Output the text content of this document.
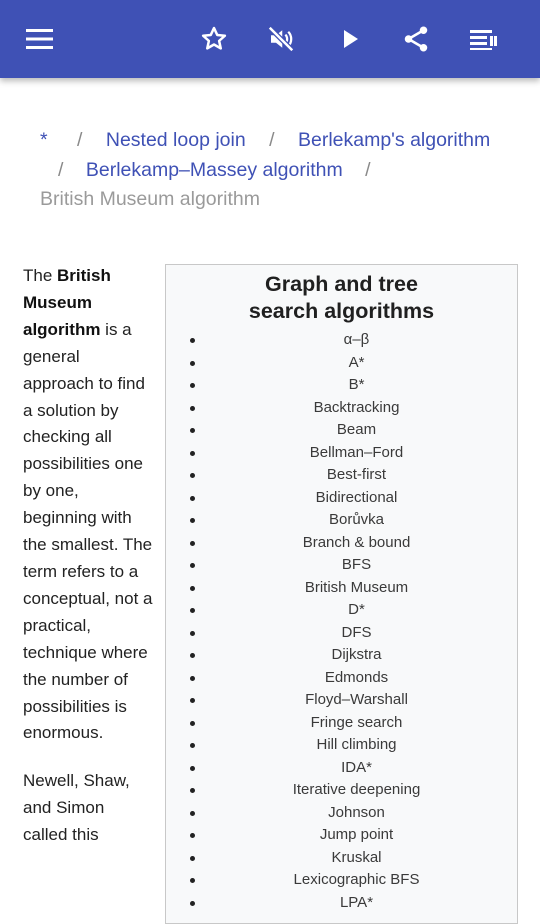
* / Nested loop join / Berlekamp's algorithm
/ Berlekamp–Massey algorithm /
British Museum algorithm

The British Museum algorithm is a general approach to find a solution by checking all possibilities one by one, beginning with the smallest. The term refers to a conceptual, not a practical, technique where the number of possibilities is enormous.

Newell, Shaw, and Simon called this

Graph and tree
search algorithms
α–β
A*
B*
Backtracking
Beam
Bellman–Ford
Best-first
Bidirectional
Borůvka
Branch & bound
BFS
British Museum
D*
DFS
Dijkstra
Edmonds
Floyd–Warshall
Fringe search
Hill climbing
IDA*
Iterative deepening
Johnson
Jump point
Kruskal
Lexicographic BFS
LPA*
